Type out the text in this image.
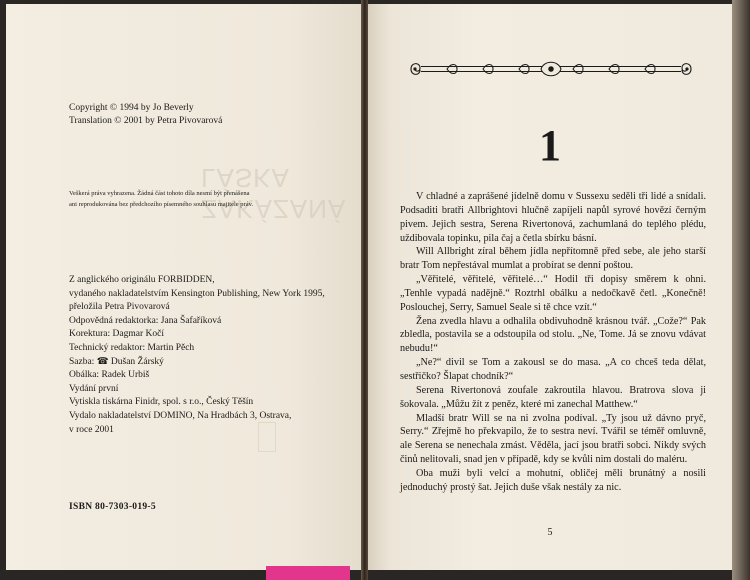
Copyright © 1994 by Jo Beverly
Translation © 2001 by Petra Pivovarová
ZAKÁZANÁ LÁSKA
Veškerá práva vyhrazena. Žádná část tohoto díla nesmí být přenášena
ani reprodukována bez předchozího písemného souhlasu majitele práv.
Z anglického originálu FORBIDDEN,
vydaného nakladatelstvím Kensington Publishing, New York 1995,
přeložila Petra Pivovarová
Odpovědná redaktorka: Jana Šafaříková
Korektura: Dagmar Kočí
Technický redaktor: Martin Pěch
Sazba: ☎ Dušan Žárský
Obálka: Radek Urbiš
Vydání první
Vytiskla tiskárna Finidr, spol. s r.o., Český Těšín
Vydalo nakladatelství DOMINO, Na Hradbách 3, Ostrava,
v roce 2001
ISBN 80-7303-019-5
1

V chladné a zaprášené jídelně domu v Sussexu seděli tři lidé a snídali. Podsaditi bratři Allbrightovi hlučně zapíjeli napůl syrové hovězí černým pivem. Jejich sestra, Serena Rivertonová, zachumlaná do teplého plédu, uždibovala topinku, pila čaj a četla sbírku básní.

Will Allbright zíral během jídla nepřítomně před sebe, ale jeho starší bratr Tom nepřestával mumlat a probírat se denní poštou.

„Věřitelé, věřitelé, věřitelé…“ Hodil tři dopisy směrem k ohni. „Tenhle vypadá nadějně.“ Roztrhl obálku a nedočkavě četl. „Konečně! Poslouchej, Serry, Samuel Seale si tě chce vzít.“

Žena zvedla hlavu a odhalila obdivuhodně krásnou tvář. „Cože?“ Pak zbledla, postavila se a odstoupila od stolu. „Ne, Tome. Já se znovu vdávat nebudu!“

„Ne?“ divil se Tom a zakousl se do masa. „A co chceš teda dělat, sestřičko? Šlapat chodník?“

Serena Rivertonová zoufale zakroutila hlavou. Bratrova slova ji šokovala. „Můžu žít z peněz, které mi zanechal Matthew.“

Mladší bratr Will se na ni zvolna podíval. „Ty jsou už dávno pryč, Serry.“ Zřejmě ho překvapilo, že to sestra neví. Tvářil se téměř omluvně, ale Serena se nenechala zmást. Věděla, jací jsou bratři sobci. Nikdy svých činů nelitovali, snad jen v případě, kdy se kvůli nim dostali do maléru.

Oba muži byli velcí a mohutní, obličej měli brunátný a nosili jednoduchý prostý šat. Jejich duše však nestály za nic.

5
